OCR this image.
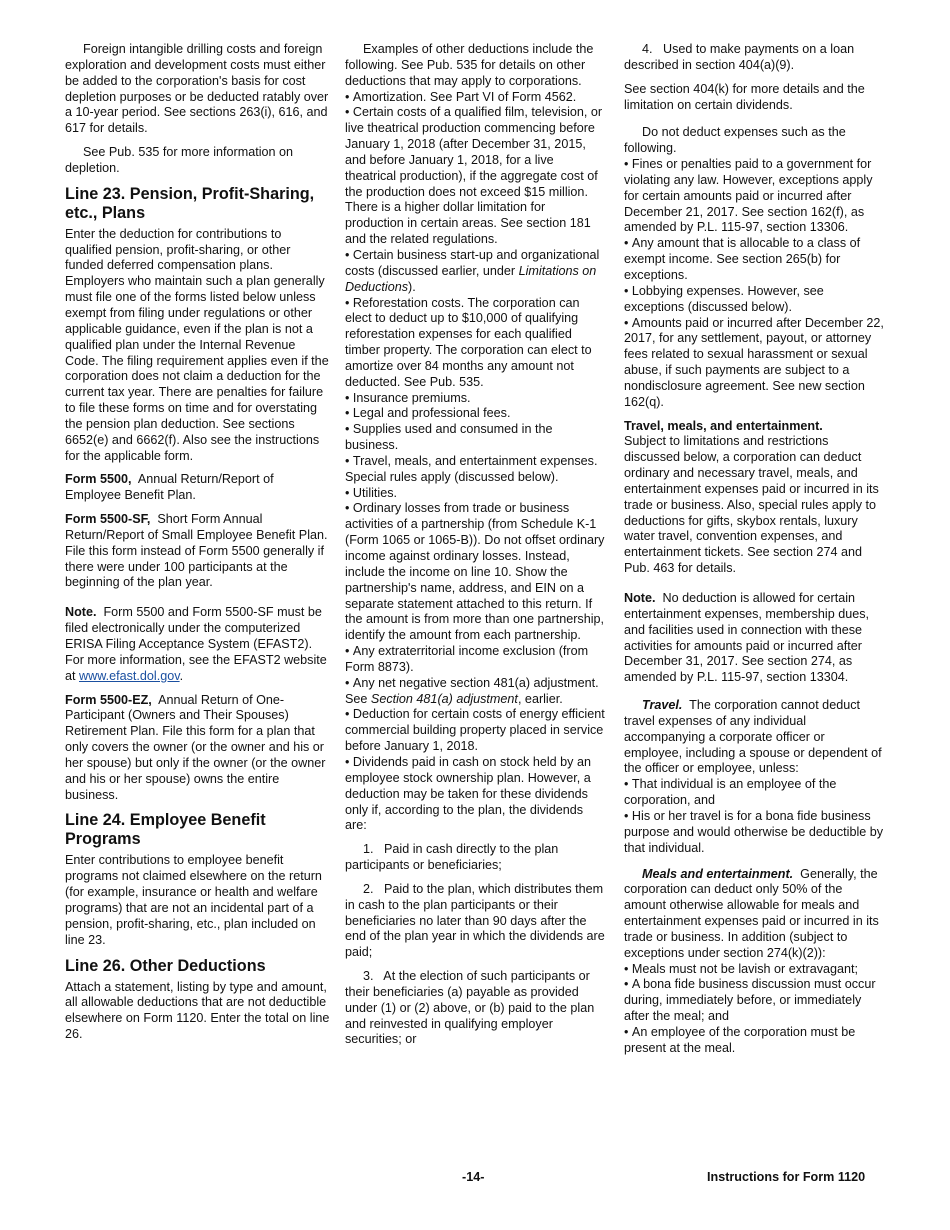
Foreign intangible drilling costs and foreign exploration and development costs must either be added to the corporation's basis for cost depletion purposes or be deducted ratably over a 10-year period. See sections 263(i), 616, and 617 for details.

See Pub. 535 for more information on depletion.

Line 23. Pension, Profit-Sharing, etc., Plans

Enter the deduction for contributions to qualified pension, profit-sharing, or other funded deferred compensation plans. Employers who maintain such a plan generally must file one of the forms listed below unless exempt from filing under regulations or other applicable guidance, even if the plan is not a qualified plan under the Internal Revenue Code. The filing requirement applies even if the corporation does not claim a deduction for the current tax year. There are penalties for failure to file these forms on time and for overstating the pension plan deduction. See sections 6652(e) and 6662(f). Also see the instructions for the applicable form.

Form 5500, Annual Return/Report of Employee Benefit Plan.

Form 5500-SF, Short Form Annual Return/Report of Small Employee Benefit Plan. File this form instead of Form 5500 generally if there were under 100 participants at the beginning of the plan year.

Note. Form 5500 and Form 5500-SF must be filed electronically under the computerized ERISA Filing Acceptance System (EFAST2). For more information, see the EFAST2 website at www.efast.dol.gov.

Form 5500-EZ, Annual Return of One-Participant (Owners and Their Spouses) Retirement Plan. File this form for a plan that only covers the owner (or the owner and his or her spouse) but only if the owner (or the owner and his or her spouse) owns the entire business.

Line 24. Employee Benefit Programs

Enter contributions to employee benefit programs not claimed elsewhere on the return (for example, insurance or health and welfare programs) that are not an incidental part of a pension, profit-sharing, etc., plan included on line 23.

Line 26. Other Deductions

Attach a statement, listing by type and amount, all allowable deductions that are not deductible elsewhere on Form 1120. Enter the total on line 26.

Examples of other deductions include the following. See Pub. 535 for details on other deductions that may apply to corporations.

• Amortization. See Part VI of Form 4562.
• Certain costs of a qualified film, television, or live theatrical production commencing before January 1, 2018 (after December 31, 2015, and before January 1, 2018, for a live theatrical production), if the aggregate cost of the production does not exceed $15 million. There is a higher dollar limitation for production in certain areas. See section 181 and the related regulations.
• Certain business start-up and organizational costs (discussed earlier, under Limitations on Deductions).
• Reforestation costs. The corporation can elect to deduct up to $10,000 of qualifying reforestation expenses for each qualified timber property. The corporation can elect to amortize over 84 months any amount not deducted. See Pub. 535.
• Insurance premiums.
• Legal and professional fees.
• Supplies used and consumed in the business.
• Travel, meals, and entertainment expenses. Special rules apply (discussed below).
• Utilities.
• Ordinary losses from trade or business activities of a partnership (from Schedule K-1 (Form 1065 or 1065-B)). Do not offset ordinary income against ordinary losses. Instead, include the income on line 10. Show the partnership's name, address, and EIN on a separate statement attached to this return. If the amount is from more than one partnership, identify the amount from each partnership.
• Any extraterritorial income exclusion (from Form 8873).
• Any net negative section 481(a) adjustment. See Section 481(a) adjustment, earlier.
• Deduction for certain costs of energy efficient commercial building property placed in service before January 1, 2018.
• Dividends paid in cash on stock held by an employee stock ownership plan. However, a deduction may be taken for these dividends only if, according to the plan, the dividends are:

1.   Paid in cash directly to the plan participants or beneficiaries;

2.   Paid to the plan, which distributes them in cash to the plan participants or their beneficiaries no later than 90 days after the end of the plan year in which the dividends are paid;

3.   At the election of such participants or their beneficiaries (a) payable as provided under (1) or (2) above, or (b) paid to the plan and reinvested in qualifying employer securities; or

4.   Used to make payments on a loan described in section 404(a)(9).

See section 404(k) for more details and the limitation on certain dividends.

Do not deduct expenses such as the following.

• Fines or penalties paid to a government for violating any law. However, exceptions apply for certain amounts paid or incurred after December 21, 2017. See section 162(f), as amended by P.L. 115-97, section 13306.
• Any amount that is allocable to a class of exempt income. See section 265(b) for exceptions.
• Lobbying expenses. However, see exceptions (discussed below).
• Amounts paid or incurred after December 22, 2017, for any settlement, payout, or attorney fees related to sexual harassment or sexual abuse, if such payments are subject to a nondisclosure agreement. See new section 162(q).

Travel, meals, and entertainment.
Subject to limitations and restrictions discussed below, a corporation can deduct ordinary and necessary travel, meals, and entertainment expenses paid or incurred in its trade or business. Also, special rules apply to deductions for gifts, skybox rentals, luxury water travel, convention expenses, and entertainment tickets. See section 274 and Pub. 463 for details.

Note. No deduction is allowed for certain entertainment expenses, membership dues, and facilities used in connection with these activities for amounts paid or incurred after December 31, 2017. See section 274, as amended by P.L. 115-97, section 13304.

Travel. The corporation cannot deduct travel expenses of any individual accompanying a corporate officer or employee, including a spouse or dependent of the officer or employee, unless:

• That individual is an employee of the corporation, and
• His or her travel is for a bona fide business purpose and would otherwise be deductible by that individual.

Meals and entertainment. Generally, the corporation can deduct only 50% of the amount otherwise allowable for meals and entertainment expenses paid or incurred in its trade or business. In addition (subject to exceptions under section 274(k)(2)):

• Meals must not be lavish or extravagant;
• A bona fide business discussion must occur during, immediately before, or immediately after the meal; and
• An employee of the corporation must be present at the meal.
-14-	Instructions for Form 1120
